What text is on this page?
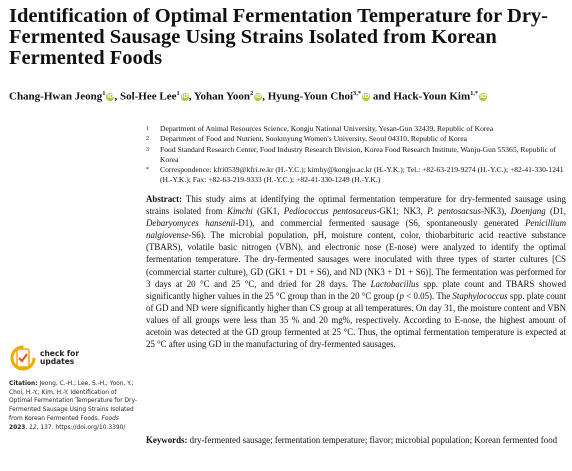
Identification of Optimal Fermentation Temperature for Dry-Fermented Sausage Using Strains Isolated from Korean Fermented Foods
Chang-Hwan Jeong$^1$ iD, Sol-Hee Lee$^1$ iD, Yohan Yoon$^2$ iD, Hyung-Youn Choi$^{3,*}$ iD and Hack-Youn Kim$^{1,*}$ iD
1	Department of Animal Resources Science, Kongju National University, Yesan-Gun 32439, Republic of Korea
2	Department of Food and Nutrient, Sookmyung Women's University, Seoul 04310, Republic of Korea
3	Food Standard Research Center, Food Industry Research Division, Korea Food Research Institute, Wanju-Gun 55365, Republic of Korea
*	Correspondence: kfri0539@kfri.re.kr (H.-Y.C.); kimhy@kongju.ac.kr (H.-Y.K.); Tel.: +82-63-219-9274 (H.-Y.C.); +82-41-330-1241 (H.-Y.K.); Fax: +82-63-219-9333 (H.-Y.C.); +82-41-330-1249 (H.-Y.K.)

Abstract: This study aims at identifying the optimal fermentation temperature for dry-fermented sausage using strains isolated from Kimchi (GK1, Pediococcus pentosaceus-GK1; NK3, P. pentosacsus-NK3), Doenjang (D1, Debaryomyces hansenii-D1), and commercial fermented sausage (S6, spontaneously generated Penicillium nalgiovense-S6). The microbial population, pH, moisture content, color, thiobarbituric acid reactive substance (TBARS), volatile basic nitrogen (VBN), and electronic nose (E-nose) were analyzed to identify the optimal fermentation temperature. The dry-fermented sausages were inoculated with three types of starter cultures [CS (commercial starter culture), GD (GK1 + D1 + S6), and ND (NK3 + D1 + S6)]. The fermentation was performed for 3 days at 20 °C and 25 °C, and dried for 28 days. The Lactobacillus spp. plate count and TBARS showed significantly higher values in the 25 °C group than in the 20 °C group (p < 0.05). The Staphylococcus spp. plate count of GD and ND were significantly higher than CS group at all temperatures. On day 31, the moisture content and VBN values of all groups were less than 35 % and 20 mg%, respectively. According to E-nose, the highest amount of acetoin was detected at the GD group fermented at 25 °C. Thus, the optimal fermentation temperature is expected at 25 °C after using GD in the manufacturing of dry-fermented sausages.

Keywords: dry-fermented sausage; fermentation temperature; flavor; microbial population; Korean fermented food

check for
updates
Citation: Jeong, C.-H.; Lee, S.-H.; Yoon, Y.; Choi, H.-Y.; Kim, H.-Y. Identification of Optimal Fermentation Temperature for Dry-Fermented Sausage Using Strains Isolated from Korean Fermented Foods. Foods 2023, 12, 137. https://doi.org/10.3390/
